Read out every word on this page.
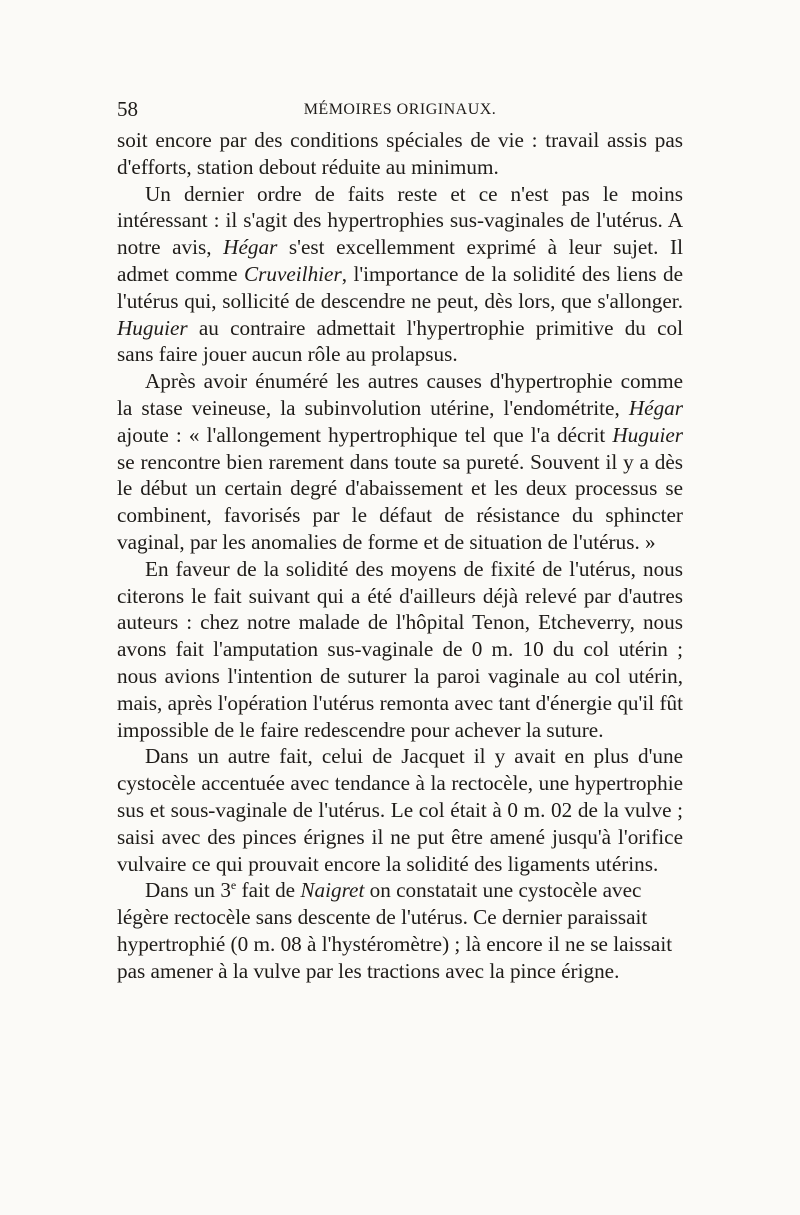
58	MÉMOIRES ORIGINAUX.

soit encore par des conditions spéciales de vie : travail assis pas d'efforts, station debout réduite au minimum.

Un dernier ordre de faits reste et ce n'est pas le moins intéressant : il s'agit des hypertrophies sus-vaginales de l'utérus. A notre avis, Hégar s'est excellemment exprimé à leur sujet. Il admet comme Cruveilhier, l'importance de la solidité des liens de l'utérus qui, sollicité de descendre ne peut, dès lors, que s'allonger. Huguier au contraire admettait l'hypertrophie primitive du col sans faire jouer aucun rôle au prolapsus.

Après avoir énuméré les autres causes d'hypertrophie comme la stase veineuse, la subinvolution utérine, l'endométrite, Hégar ajoute : « l'allongement hypertrophique tel que l'a décrit Huguier se rencontre bien rarement dans toute sa pureté. Souvent il y a dès le début un certain degré d'abaissement et les deux processus se combinent, favorisés par le défaut de résistance du sphincter vaginal, par les anomalies de forme et de situation de l'utérus. »

En faveur de la solidité des moyens de fixité de l'utérus, nous citerons le fait suivant qui a été d'ailleurs déjà relevé par d'autres auteurs : chez notre malade de l'hôpital Tenon, Etcheverry, nous avons fait l'amputation sus-vaginale de 0 m. 10 du col utérin ; nous avions l'intention de suturer la paroi vaginale au col utérin, mais, après l'opération l'utérus remonta avec tant d'énergie qu'il fût impossible de le faire redescendre pour achever la suture.

Dans un autre fait, celui de Jacquet il y avait en plus d'une cystocèle accentuée avec tendance à la rectocèle, une hypertrophie sus et sous-vaginale de l'utérus. Le col était à 0 m. 02 de la vulve ; saisi avec des pinces érignes il ne put être amené jusqu'à l'orifice vulvaire ce qui prouvait encore la solidité des ligaments utérins.

Dans un 3e fait de Naigret on constatait une cystocèle avec légère rectocèle sans descente de l'utérus. Ce dernier paraissait hypertrophié (0 m. 08 à l'hystéromètre) ; là encore il ne se laissait pas amener à la vulve par les tractions avec la pince érigne.
